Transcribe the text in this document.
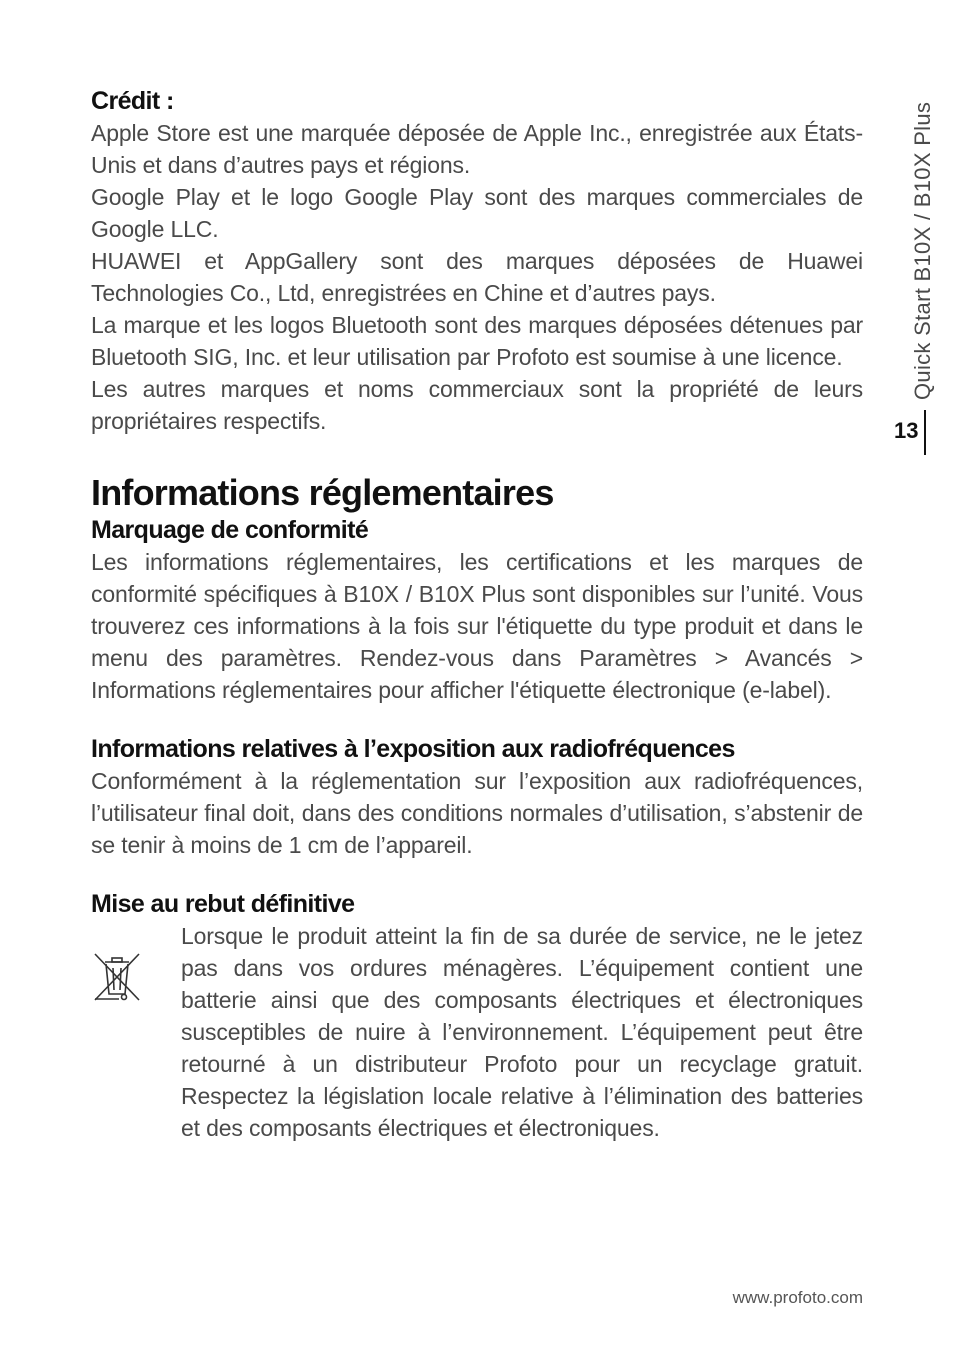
Crédit :

Apple Store est une marquée déposée de Apple Inc., enregistrée aux États-Unis et dans d’autres pays et régions.

Google Play et le logo Google Play sont des marques commerciales de Google LLC.

HUAWEI et AppGallery sont des marques déposées de Huawei Technologies Co., Ltd, enregistrées en Chine et d’autres pays.

La marque et les logos Bluetooth sont des marques déposées détenues par Bluetooth SIG, Inc. et leur utilisation par Profoto est soumise à une licence.

Les autres marques et noms commerciaux sont la propriété de leurs propriétaires respectifs.

Informations réglementaires
Marquage de conformité

Les informations réglementaires, les certifications et les marques de conformité spécifiques à B10X / B10X Plus sont disponibles sur l’unité. Vous trouverez ces informations à la fois sur l'étiquette du type produit et dans le menu des paramètres. Rendez-vous dans Paramètres > Avancés > Informations réglementaires pour afficher l'étiquette électronique (e-label).

Informations relatives à l’exposition aux radiofréquences

Conformément à la réglementation sur l’exposition aux radiofréquences, l’utilisateur final doit, dans des conditions normales d’utilisation, s’abstenir de se tenir à moins de 1 cm de l’appareil.

Mise au rebut définitive

Lorsque le produit atteint la fin de sa durée de service, ne le jetez pas dans vos ordures ménagères. L’équipement contient une batterie ainsi que des composants électriques et électroniques susceptibles de nuire à l’environnement. L’équipement peut être retourné à un distributeur Profoto pour un recyclage gratuit. Respectez la législation locale relative à l’élimination des batteries et des composants électriques et électroniques.

Quick Start B10X / B10X Plus
13
www.profoto.com
